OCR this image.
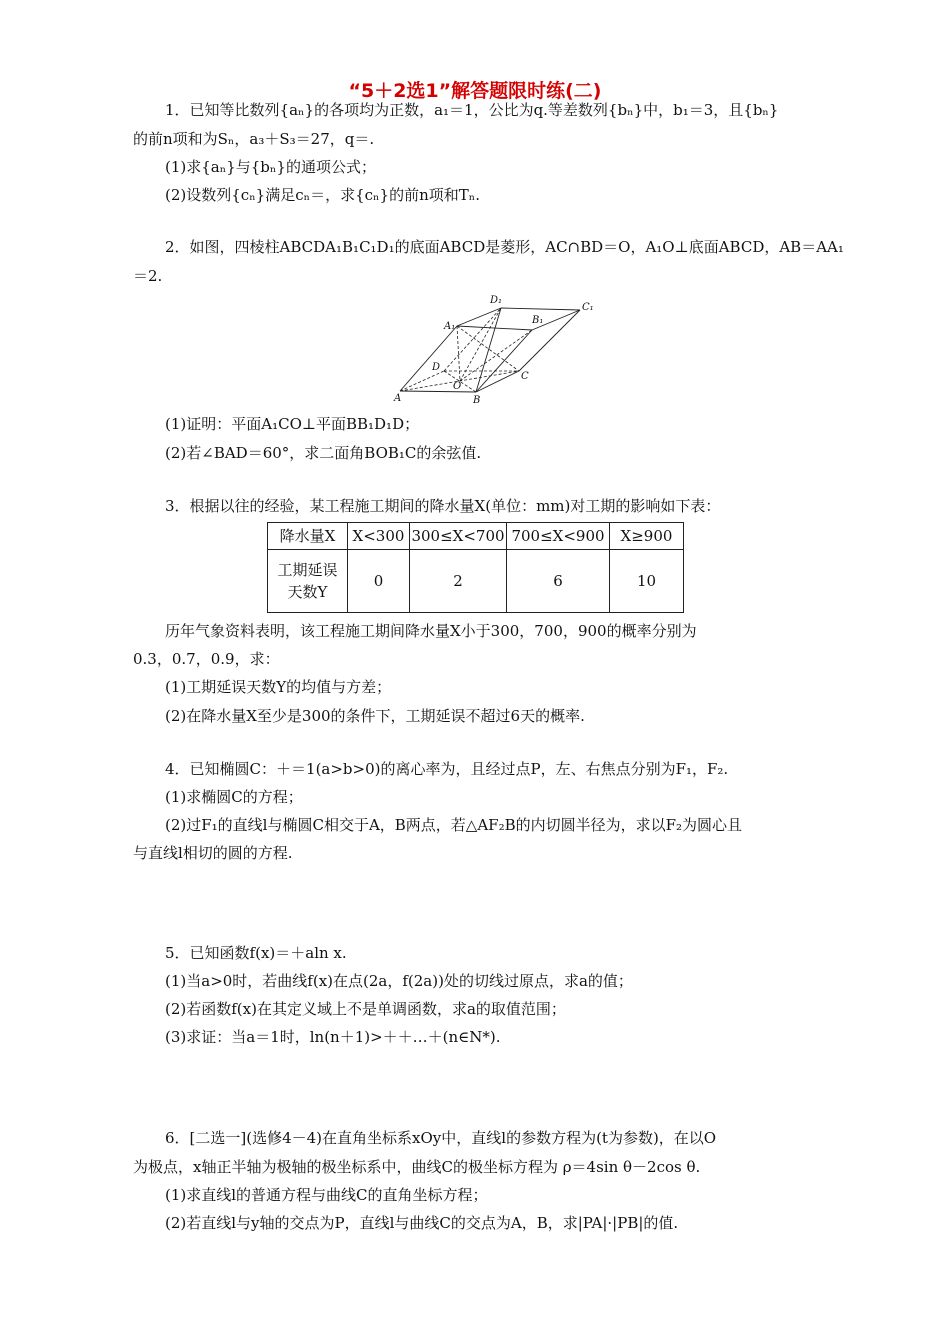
“5＋2选1”解答题限时练(二)
1．已知等比数列{aₙ}的各项均为正数，a₁＝1，公比为q.等差数列{bₙ}中，b₁＝3，且{bₙ}
的前n项和为Sₙ，a₃＋S₃＝27，q＝.
(1)求{aₙ}与{bₙ}的通项公式；
(2)设数列{cₙ}满足cₙ＝，求{cₙ}的前n项和Tₙ.
2．如图，四棱柱ABCDA₁B₁C₁D₁的底面ABCD是菱形，AC∩BD＝O，A₁O⊥底面ABCD，AB＝AA₁
＝2.
D₁
C₁
A₁
B₁
D
C
O
A	B
(1)证明：平面A₁CO⊥平面BB₁D₁D；
(2)若∠BAD＝60°，求二面角BOB₁C的余弦值.
3．根据以往的经验，某工程施工期间的降水量X(单位：mm)对工期的影响如下表：
降水量X	X<300	300≤X<700	700≤X<900	X≥900

工期延误
天数Y	0	2	6	10
历年气象资料表明，该工程施工期间降水量X小于300，700，900的概率分别为
0.3，0.7，0.9，求：
(1)工期延误天数Y的均值与方差；
(2)在降水量X至少是300的条件下，工期延误不超过6天的概率.
4．已知椭圆C：＋＝1(a>b>0)的离心率为，且经过点P，左、右焦点分别为F₁，F₂.
(1)求椭圆C的方程；
(2)过F₁的直线l与椭圆C相交于A，B两点，若△AF₂B的内切圆半径为，求以F₂为圆心且
与直线l相切的圆的方程.
5．已知函数f(x)＝＋aln x.
(1)当a>0时，若曲线f(x)在点(2a，f(2a))处的切线过原点，求a的值；
(2)若函数f(x)在其定义域上不是单调函数，求a的取值范围；
(3)求证：当a＝1时，ln(n＋1)>＋＋…＋(n∈N*).
6．[二选一](选修4－4)在直角坐标系xOy中，直线l的参数方程为(t为参数)，在以O
为极点，x轴正半轴为极轴的极坐标系中，曲线C的极坐标方程为 ρ＝4sin θ－2cos θ.
(1)求直线l的普通方程与曲线C的直角坐标方程；
(2)若直线l与y轴的交点为P，直线l与曲线C的交点为A，B，求|PA|·|PB|的值.
